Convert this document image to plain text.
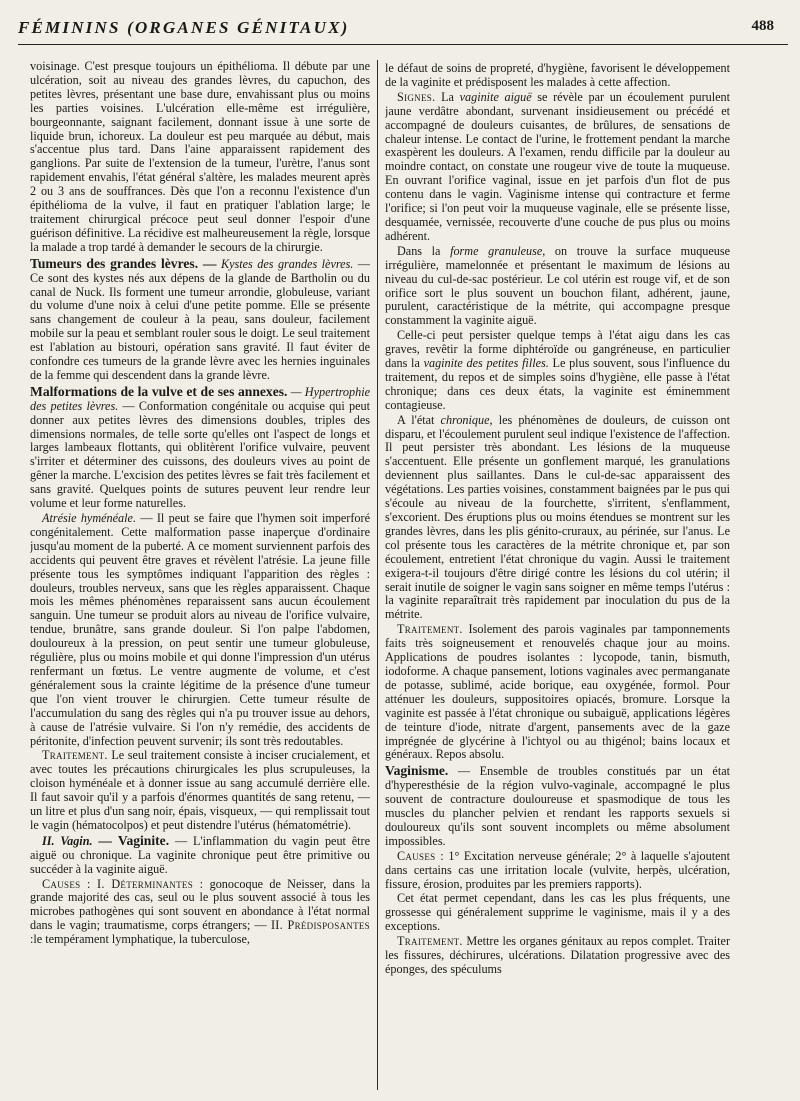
FÉMININS (ORGANES GÉNITAUX)	488

voisinage. C'est presque toujours un épithélioma. Il débute par une ulcération, soit au niveau des grandes lèvres, du capuchon, des petites lèvres, présentant une base dure, envahissant plus ou moins les parties voisines. L'ulcération elle-même est irrégulière, bourgeonnante, saignant facilement, donnant issue à une sorte de liquide brun, ichoreux. La douleur est peu marquée au début, mais s'accentue plus tard. Dans l'aine apparaissent rapidement des ganglions. Par suite de l'extension de la tumeur, l'urètre, l'anus sont rapidement envahis, l'état général s'altère, les malades meurent après 2 ou 3 ans de souffrances. Dès que l'on a reconnu l'existence d'un épithélioma de la vulve, il faut en pratiquer l'ablation large; le traitement chirurgical précoce peut seul donner l'espoir d'une guérison définitive. La récidive est malheureusement la règle, lorsque la malade a trop tardé à demander le secours de la chirurgie.

Tumeurs des grandes lèvres. — Kystes des grandes lèvres. — Ce sont des kystes nés aux dépens de la glande de Bartholin ou du canal de Nuck. Ils forment une tumeur arrondie, globuleuse, variant du volume d'une noix à celui d'une petite pomme. Elle se présente sans changement de couleur à la peau, sans douleur, facilement mobile sur la peau et semblant rouler sous le doigt. Le seul traitement est l'ablation au bistouri, opération sans gravité. Il faut éviter de confondre ces tumeurs de la grande lèvre avec les hernies inguinales de la femme qui descendent dans la grande lèvre.

Malformations de la vulve et de ses annexes. — Hypertrophie des petites lèvres. — Conformation congénitale ou acquise qui peut donner aux petites lèvres des dimensions doubles, triples des dimensions normales, de telle sorte qu'elles ont l'aspect de longs et larges lambeaux flottants, qui oblitèrent l'orifice vulvaire, peuvent s'irriter et déterminer des cuissons, des douleurs vives au point de gêner la marche. L'excision des petites lèvres se fait très facilement et sans gravité. Quelques points de sutures peuvent leur rendre leur volume et leur forme naturelles.

Atrésie hyménéale. — Il peut se faire que l'hymen soit imperforé congénitalement. Cette malformation passe inaperçue d'ordinaire jusqu'au moment de la puberté. A ce moment surviennent parfois des accidents qui peuvent être graves et révèlent l'atrésie. La jeune fille présente tous les symptômes indiquant l'apparition des règles : douleurs, troubles nerveux, sans que les règles apparaissent. Chaque mois les mêmes phénomènes reparaissent sans aucun écoulement sanguin. Une tumeur se produit alors au niveau de l'orifice vulvaire, tendue, brunâtre, sans grande douleur. Si l'on palpe l'abdomen, douloureux à la pression, on peut sentir une tumeur globuleuse, régulière, plus ou moins mobile et qui donne l'impression d'un utérus renfermant un fœtus. Le ventre augmente de volume, et c'est généralement sous la crainte légitime de la présence d'une tumeur que l'on vient trouver le chirurgien. Cette tumeur résulte de l'accumulation du sang des règles qui n'a pu trouver issue au dehors, à cause de l'atrésie vulvaire. Si l'on n'y remédie, des accidents de péritonite, d'infection peuvent survenir; ils sont très redoutables.

Traitement. Le seul traitement consiste à inciser crucialement, et avec toutes les précautions chirurgicales les plus scrupuleuses, la cloison hyménéale et à donner issue au sang accumulé derrière elle. Il faut savoir qu'il y a parfois d'énormes quantités de sang retenu, — un litre et plus d'un sang noir, épais, visqueux, — qui remplissait tout le vagin (hématocolpos) et peut distendre l'utérus (hématométrie).

II. Vagin. — Vaginite. — L'inflammation du vagin peut être aiguë ou chronique. La vaginite chronique peut être primitive ou succéder à la vaginite aiguë.

Causes : I. Déterminantes : gonocoque de Neisser, dans la grande majorité des cas, seul ou le plus souvent associé à tous les microbes pathogènes qui sont souvent en abondance à l'état normal dans le vagin; traumatisme, corps étrangers; — II. Prédisposantes :le tempérament lymphatique, la tuberculose,

le défaut de soins de propreté, d'hygiène, favorisent le développement de la vaginite et prédisposent les malades à cette affection.

Signes. La vaginite aiguë se révèle par un écoulement purulent jaune verdâtre abondant, survenant insidieusement ou précédé et accompagné de douleurs cuisantes, de brûlures, de sensations de chaleur intense. Le contact de l'urine, le frottement pendant la marche exaspèrent les douleurs. A l'examen, rendu difficile par la douleur au moindre contact, on constate une rougeur vive de toute la muqueuse. En ouvrant l'orifice vaginal, issue en jet parfois d'un flot de pus contenu dans le vagin. Vaginisme intense qui contracture et ferme l'orifice; si l'on peut voir la muqueuse vaginale, elle se présente lisse, desquamée, vernissée, recouverte d'une couche de pus plus ou moins adhérent.

Dans la forme granuleuse, on trouve la surface muqueuse irrégulière, mamelonnée et présentant le maximum de lésions au niveau du cul-de-sac postérieur. Le col utérin est rouge vif, et de son orifice sort le plus souvent un bouchon filant, adhérent, jaune, purulent, caractéristique de la métrite, qui accompagne presque constamment la vaginite aiguë.

Celle-ci peut persister quelque temps à l'état aigu dans les cas graves, revêtir la forme diphtéroïde ou gangréneuse, en particulier dans la vaginite des petites filles. Le plus souvent, sous l'influence du traitement, du repos et de simples soins d'hygiène, elle passe à l'état chronique; dans ces deux états, la vaginite est éminemment contagieuse.

A l'état chronique, les phénomènes de douleurs, de cuisson ont disparu, et l'écoulement purulent seul indique l'existence de l'affection. Il peut persister très abondant. Les lésions de la muqueuse s'accentuent. Elle présente un gonflement marqué, les granulations deviennent plus saillantes. Dans le cul-de-sac apparaissent des végétations. Les parties voisines, constamment baignées par le pus qui s'écoule au niveau de la fourchette, s'irritent, s'enflamment, s'excorient. Des éruptions plus ou moins étendues se montrent sur les grandes lèvres, dans les plis génito-cruraux, au périnée, sur l'anus. Le col présente tous les caractères de la métrite chronique et, par son écoulement, entretient l'état chronique du vagin. Aussi le traitement exigera-t-il toujours d'être dirigé contre les lésions du col utérin; il serait inutile de soigner le vagin sans soigner en même temps l'utérus : la vaginite reparaîtrait très rapidement par inoculation du pus de la métrite.

Traitement. Isolement des parois vaginales par tamponnements faits très soigneusement et renouvelés chaque jour au moins. Applications de poudres isolantes : lycopode, tanin, bismuth, iodoforme. A chaque pansement, lotions vaginales avec permanganate de potasse, sublimé, acide borique, eau oxygénée, formol. Pour atténuer les douleurs, suppositoires opiacés, bromure. Lorsque la vaginite est passée à l'état chronique ou subaiguë, applications légères de teinture d'iode, nitrate d'argent, pansements avec de la gaze imprégnée de glycérine à l'ichtyol ou au thigénol; bains locaux et généraux. Repos absolu.

Vaginisme. — Ensemble de troubles constitués par un état d'hyperesthésie de la région vulvo-vaginale, accompagné le plus souvent de contracture douloureuse et spasmodique de tous les muscles du plancher pelvien et rendant les rapports sexuels si douloureux qu'ils sont souvent incomplets ou même absolument impossibles.

Causes : 1° Excitation nerveuse générale; 2° à laquelle s'ajoutent dans certains cas une irritation locale (vulvite, herpès, ulcération, fissure, érosion, produites par les premiers rapports).

Cet état permet cependant, dans les cas les plus fréquents, une grossesse qui généralement supprime le vaginisme, mais il y a des exceptions.

Traitement. Mettre les organes génitaux au repos complet. Traiter les fissures, déchirures, ulcérations. Dilatation progressive avec des éponges, des spéculums
